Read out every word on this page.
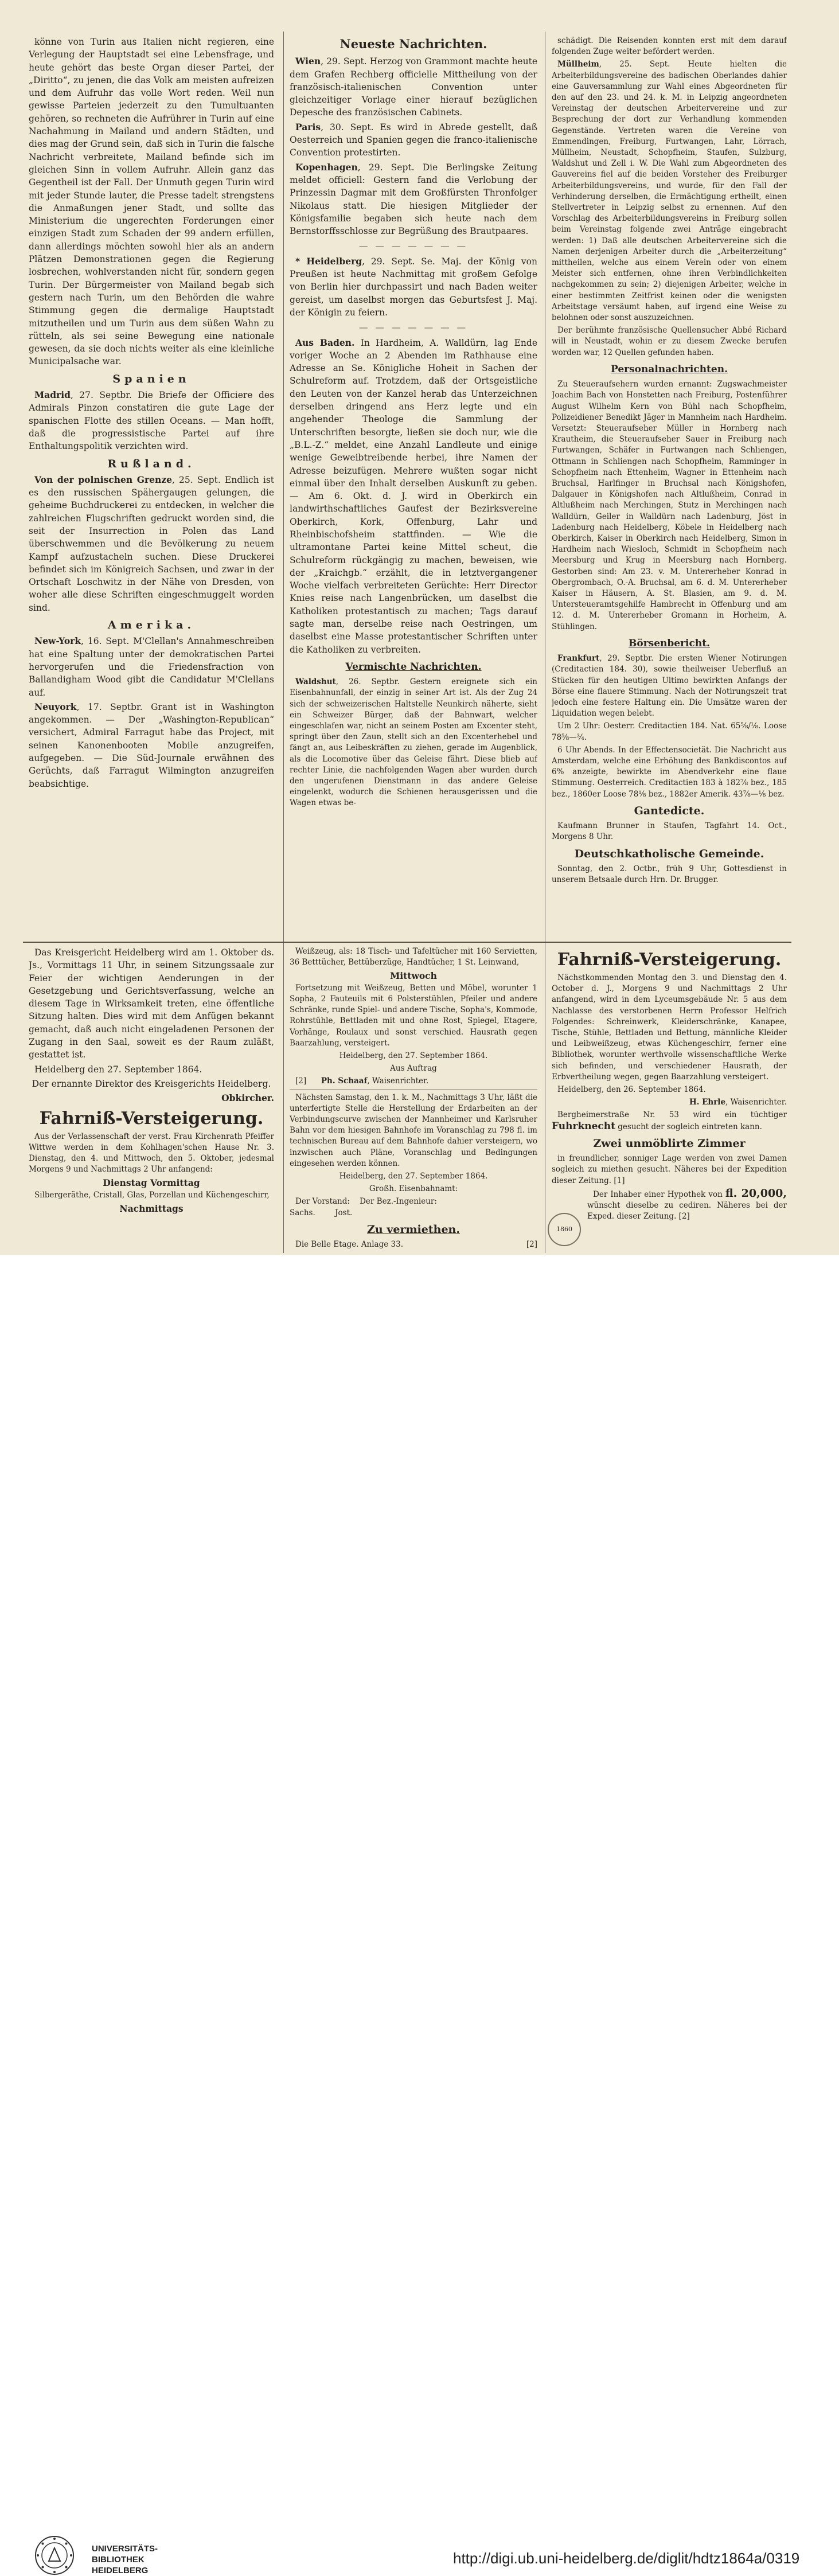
könne von Turin aus Italien nicht regieren, eine Verlegung der Hauptstadt sei eine Lebensfrage, und heute gehört das beste Organ dieser Partei, der „Diritto“, zu jenen, die das Volk am meisten aufreizen und dem Aufruhr das volle Wort reden. Weil nun gewisse Parteien jederzeit zu den Tumultuanten gehören, so rechneten die Aufrührer in Turin auf eine Nachahmung in Mailand und andern Städten, und dies mag der Grund sein, daß sich in Turin die falsche Nachricht verbreitete, Mailand befinde sich im gleichen Sinn in vollem Aufruhr. Allein ganz das Gegentheil ist der Fall. Der Unmuth gegen Turin wird mit jeder Stunde lauter, die Presse tadelt strengstens die Anmaßungen jener Stadt, und sollte das Ministerium die ungerechten Forderungen einer einzigen Stadt zum Schaden der 99 andern erfüllen, dann allerdings möchten sowohl hier als an andern Plätzen Demonstrationen gegen die Regierung losbrechen, wohlverstanden nicht für, sondern gegen Turin. Der Bürgermeister von Mailand begab sich gestern nach Turin, um den Behörden die wahre Stimmung gegen die dermalige Hauptstadt mitzutheilen und um Turin aus dem süßen Wahn zu rütteln, als sei seine Bewegung eine nationale gewesen, da sie doch nichts weiter als eine kleinliche Municipalsache war.

Spanien

Madrid, 27. Septbr. Die Briefe der Officiere des Admirals Pinzon constatiren die gute Lage der spanischen Flotte des stillen Oceans. — Man hofft, daß die progressistische Partei auf ihre Enthaltungspolitik verzichten wird.

Rußland.

Von der polnischen Grenze, 25. Sept. Endlich ist es den russischen Spähergaugen gelungen, die geheime Buchdruckerei zu entdecken, in welcher die zahlreichen Flugschriften gedruckt worden sind, die seit der Insurrection in Polen das Land überschwemmen und die Bevölkerung zu neuem Kampf aufzustacheln suchen. Diese Druckerei befindet sich im Königreich Sachsen, und zwar in der Ortschaft Loschwitz in der Nähe von Dresden, von woher alle diese Schriften eingeschmuggelt worden sind.

Amerika.

New-York, 16. Sept. M'Clellan's Annahmeschreiben hat eine Spaltung unter der demokratischen Partei hervorgerufen und die Friedensfraction von Ballandigham Wood gibt die Candidatur M'Clellans auf.

Neuyork, 17. Septbr. Grant ist in Washington angekommen. — Der „Washington-Republican“ versichert, Admiral Farragut habe das Project, mit seinen Kanonenbooten Mobile anzugreifen, aufgegeben. — Die Süd-Journale erwähnen des Gerüchts, daß Farragut Wilmington anzugreifen beabsichtige.

Neueste Nachrichten.

Wien, 29. Sept. Herzog von Grammont machte heute dem Grafen Rechberg officielle Mittheilung von der französisch-italienischen Convention unter gleichzeitiger Vorlage einer hierauf bezüglichen Depesche des französischen Cabinets.

Paris, 30. Sept. Es wird in Abrede gestellt, daß Oesterreich und Spanien gegen die franco-italienische Convention protestirten.

Kopenhagen, 29. Sept. Die Berlingske Zeitung meldet officiell: Gestern fand die Verlobung der Prinzessin Dagmar mit dem Großfürsten Thronfolger Nikolaus statt. Die hiesigen Mitglieder der Königsfamilie begaben sich heute nach dem Bernstorffsschlosse zur Begrüßung des Brautpaares.

— — — — — — —

* Heidelberg, 29. Sept. Se. Maj. der König von Preußen ist heute Nachmittag mit großem Gefolge von Berlin hier durchpassirt und nach Baden weiter gereist, um daselbst morgen das Geburtsfest J. Maj. der Königin zu feiern.

— — — — — — —

Aus Baden. In Hardheim, A. Walldürn, lag Ende voriger Woche an 2 Abenden im Rathhause eine Adresse an Se. Königliche Hoheit in Sachen der Schulreform auf. Trotzdem, daß der Ortsgeistliche den Leuten von der Kanzel herab das Unterzeichnen derselben dringend ans Herz legte und ein angehender Theologe die Sammlung der Unterschriften besorgte, ließen sie doch nur, wie die „B.L.-Z.“ meldet, eine Anzahl Landleute und einige wenige Geweibtreibende herbei, ihre Namen der Adresse beizufügen. Mehrere wußten sogar nicht einmal über den Inhalt derselben Auskunft zu geben. — Am 6. Okt. d. J. wird in Oberkirch ein landwirthschaftliches Gaufest der Bezirksvereine Oberkirch, Kork, Offenburg, Lahr und Rheinbischofsheim stattfinden. — Wie die ultramontane Partei keine Mittel scheut, die Schulreform rückgängig zu machen, beweisen, wie der „Kraichgb.“ erzählt, die in letztvergangener Woche vielfach verbreiteten Gerüchte: Herr Director Knies reise nach Langenbrücken, um daselbst die Katholiken protestantisch zu machen; Tags darauf sagte man, derselbe reise nach Oestringen, um daselbst eine Masse protestantischer Schriften unter die Katholiken zu verbreiten.

Vermischte Nachrichten.

Waldshut, 26. Septbr. Gestern ereignete sich ein Eisenbahnunfall, der einzig in seiner Art ist. Als der Zug 24 sich der schweizerischen Haltstelle Neunkirch näherte, sieht ein Schweizer Bürger, daß der Bahnwart, welcher eingeschlafen war, nicht an seinem Posten am Excenter steht, springt über den Zaun, stellt sich an den Excenterhebel und fängt an, aus Leibeskräften zu ziehen, gerade im Augenblick, als die Locomotive über das Geleise fährt. Diese blieb auf rechter Linie, die nachfolgenden Wagen aber wurden durch den ungerufenen Dienstmann in das andere Geleise eingelenkt, wodurch die Schienen herausgerissen und die Wagen etwas be-

schädigt. Die Reisenden konnten erst mit dem darauf folgenden Zuge weiter befördert werden.

Müllheim, 25. Sept. Heute hielten die Arbeiterbildungsvereine des badischen Oberlandes dahier eine Gauversammlung zur Wahl eines Abgeordneten für den auf den 23. und 24. k. M. in Leipzig angeordneten Vereinstag der deutschen Arbeitervereine und zur Besprechung der dort zur Verhandlung kommenden Gegenstände. Vertreten waren die Vereine von Emmendingen, Freiburg, Furtwangen, Lahr, Lörrach, Müllheim, Neustadt, Schopfheim, Staufen, Sulzburg, Waldshut und Zell i. W. Die Wahl zum Abgeordneten des Gauvereins fiel auf die beiden Vorsteher des Freiburger Arbeiterbildungsvereins, und wurde, für den Fall der Verhinderung derselben, die Ermächtigung ertheilt, einen Stellvertreter in Leipzig selbst zu ernennen. Auf den Vorschlag des Arbeiterbildungsvereins in Freiburg sollen beim Vereinstag folgende zwei Anträge eingebracht werden: 1) Daß alle deutschen Arbeitervereine sich die Namen derjenigen Arbeiter durch die „Arbeiterzeitung“ mittheilen, welche aus einem Verein oder von einem Meister sich entfernen, ohne ihren Verbindlichkeiten nachgekommen zu sein; 2) diejenigen Arbeiter, welche in einer bestimmten Zeitfrist keinen oder die wenigsten Arbeitstage versäumt haben, auf irgend eine Weise zu belohnen oder sonst auszuzeichnen.

Der berühmte französische Quellensucher Abbé Richard will in Neustadt, wohin er zu diesem Zwecke berufen worden war, 12 Quellen gefunden haben.

Personalnachrichten.

Zu Steueraufsehern wurden ernannt: Zugswachmeister Joachim Bach von Honstetten nach Freiburg, Postenführer August Wilhelm Kern von Bühl nach Schopfheim, Polizeidiener Benedikt Jäger in Mannheim nach Hardheim. Versetzt: Steueraufseher Müller in Hornberg nach Krautheim, die Steueraufseher Sauer in Freiburg nach Furtwangen, Schäfer in Furtwangen nach Schliengen, Ottmann in Schliengen nach Schopfheim, Ramminger in Schopfheim nach Ettenheim, Wagner in Ettenheim nach Bruchsal, Harlfinger in Bruchsal nach Königshofen, Dalgauer in Königshofen nach Altlußheim, Conrad in Altlußheim nach Merchingen, Stutz in Merchingen nach Walldürn, Geiler in Walldürn nach Ladenburg, Jöst in Ladenburg nach Heidelberg, Köbele in Heidelberg nach Oberkirch, Kaiser in Oberkirch nach Heidelberg, Simon in Hardheim nach Wiesloch, Schmidt in Schopfheim nach Meersburg und Krug in Meersburg nach Hornberg. Gestorben sind: Am 23. v. M. Untererheber Konrad in Obergrombach, O.-A. Bruchsal, am 6. d. M. Untererheber Kaiser in Häusern, A. St. Blasien, am 9. d. M. Untersteueramtsgehilfe Hambrecht in Offenburg und am 12. d. M. Untererheber Gromann in Horheim, A. Stühlingen.

Börsenbericht.

Frankfurt, 29. Septbr. Die ersten Wiener Notirungen (Creditactien 184. 30), sowie theilweiser Ueberfluß an Stücken für den heutigen Ultimo bewirkten Anfangs der Börse eine flauere Stimmung. Nach der Notirungszeit trat jedoch eine festere Haltung ein. Die Umsätze waren der Liquidation wegen belebt.

Um 2 Uhr: Oesterr. Creditactien 184. Nat. 65⅝/⅛. Loose 78⅝—¾.

6 Uhr Abends. In der Effectensocietät. Die Nachricht aus Amsterdam, welche eine Erhöhung des Bankdiscontos auf 6% anzeigte, bewirkte im Abendverkehr eine flaue Stimmung. Oesterreich. Creditactien 183 à 182⅞ bez., 185 bez., 1860er Loose 78⅛ bez., 1882er Amerik. 43⅞—⅛ bez.

Gantedicte.

Kaufmann Brunner in Staufen, Tagfahrt 14. Oct., Morgens 8 Uhr.

Deutschkatholische Gemeinde.

Sonntag, den 2. Octbr., früh 9 Uhr, Gottesdienst in unserem Betsaale durch Hrn. Dr. Brugger.

Das Kreisgericht Heidelberg wird am 1. Oktober ds. Js., Vormittags 11 Uhr, in seinem Sitzungssaale zur Feier der wichtigen Aenderungen in der Gesetzgebung und Gerichtsverfassung, welche an diesem Tage in Wirksamkeit treten, eine öffentliche Sitzung halten. Dies wird mit dem Anfügen bekannt gemacht, daß auch nicht eingeladenen Personen der Zugang in den Saal, soweit es der Raum zuläßt, gestattet ist.

Heidelberg den 27. September 1864.

Der ernannte Direktor des Kreisgerichts Heidelberg.

Obkircher.
Fahrniß-Versteigerung.

Aus der Verlassenschaft der verst. Frau Kirchenrath Pfeiffer Wittwe werden in dem Kohlhagen'schen Hause Nr. 3. Dienstag, den 4. und Mittwoch, den 5. Oktober, jedesmal Morgens 9 und Nachmittags 2 Uhr anfangend:

Dienstag Vormittag

Silbergeräthe, Cristall, Glas, Porzellan und Küchengeschirr,

Nachmittags

Weißzeug, als: 18 Tisch- und Tafeltücher mit 160 Servietten, 36 Betttücher, Bettüberzüge, Handtücher, 1 St. Leinwand,

Mittwoch

Fortsetzung mit Weißzeug, Betten und Möbel, worunter 1 Sopha, 2 Fauteuils mit 6 Polsterstühlen, Pfeiler und andere Schränke, runde Spiel- und andere Tische, Sopha's, Kommode, Rohrstühle, Bettladen mit und ohne Rost, Spiegel, Etagere, Vorhänge, Roulaux und sonst verschied. Hausrath gegen Baarzahlung, versteigert.

Heidelberg, den 27. September 1864.

Aus Auftrag

[2] Ph. Schaaf, Waisenrichter.

Nächsten Samstag, den 1. k. M., Nachmittags 3 Uhr, läßt die unterfertigte Stelle die Herstellung der Erdarbeiten an der Verbindungscurve zwischen der Mannheimer und Karlsruher Bahn vor dem hiesigen Bahnhofe im Voranschlag zu 798 fl. im technischen Bureau auf dem Bahnhofe dahier versteigern, wo inzwischen auch Pläne, Voranschlag und Bedingungen eingesehen werden können.

Heidelberg, den 27. September 1864.

Großh. Eisenbahnamt:

Der Vorstand: Der Bez.-Ingenieur:
Sachs.	Jost.

Zu vermiethen.

Die Belle Etage. Anlage 33.	[2]

Fahrniß-Versteigerung.

Nächstkommenden Montag den 3. und Dienstag den 4. October d. J., Morgens 9 und Nachmittags 2 Uhr anfangend, wird in dem Lyceumsgebäude Nr. 5 aus dem Nachlasse des verstorbenen Herrn Professor Helfrich Folgendes: Schreinwerk, Kleiderschränke, Kanapee, Tische, Stühle, Bettladen und Bettung, männliche Kleider und Leibweißzeug, etwas Küchengeschirr, ferner eine Bibliothek, worunter werthvolle wissenschaftliche Werke sich befinden, und verschiedener Hausrath, der Erbvertheilung wegen, gegen Baarzahlung versteigert.

Heidelberg, den 26. September 1864.

H. Ehrle, Waisenrichter.

Bergheimerstraße Nr. 53 wird ein tüchtiger Fuhrknecht gesucht der sogleich eintreten kann.

Zwei unmöblirte Zimmer

in freundlicher, sonniger Lage werden von zwei Damen sogleich zu miethen gesucht. Näheres bei der Expedition dieser Zeitung. [1]

Der Inhaber einer Hypothek von fl. 20,000, wünscht dieselbe zu cediren. Näheres bei der Exped. dieser Zeitung. [2]

1860
UNIVERSITÄTS-
BIBLIOTHEK
HEIDELBERG
http://digi.ub.uni-heidelberg.de/diglit/hdtz1864a/0319
